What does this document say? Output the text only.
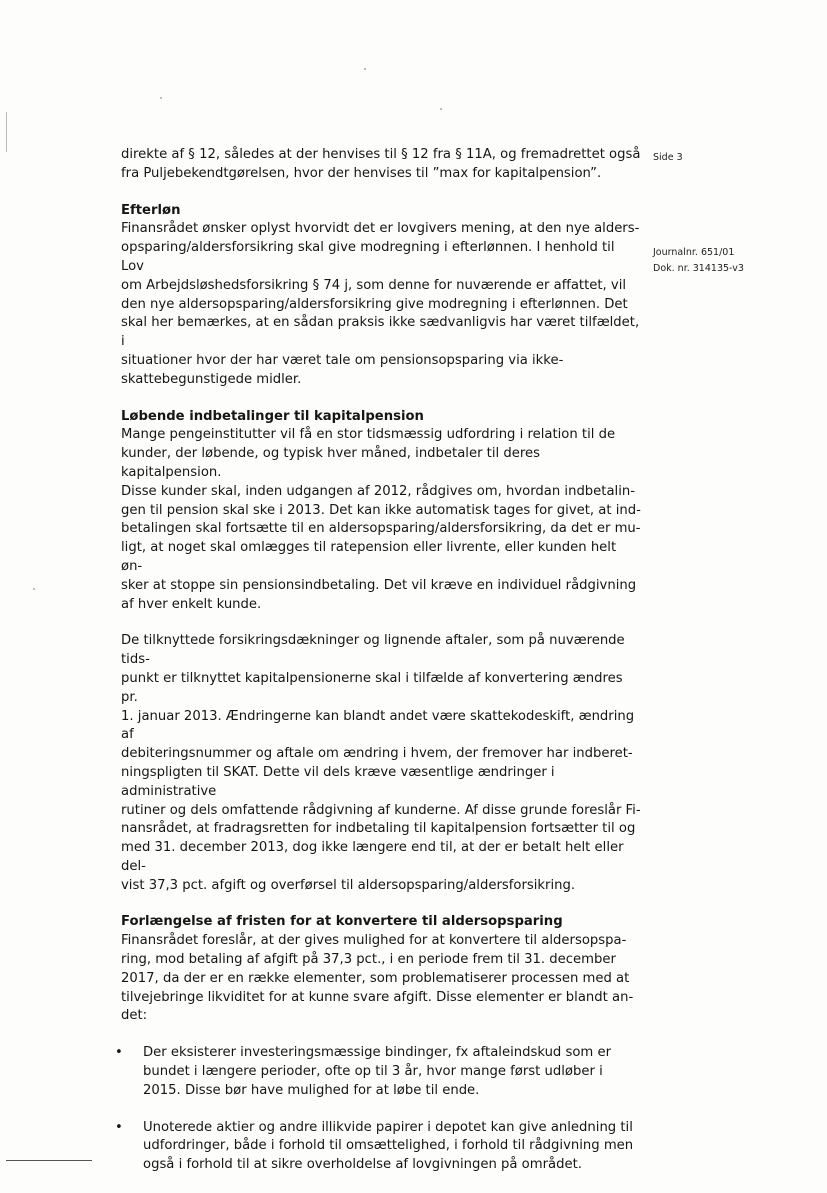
Side 3
Journalnr. 651/01
Dok. nr. 314135-v3

direkte af § 12, således at der henvises til § 12 fra § 11A, og fremadrettet også

fra Puljebekendtgørelsen, hvor der henvises til ”max for kapitalpension”.

Efterløn

Finansrådet ønsker oplyst hvorvidt det er lovgivers mening, at den nye alders-

opsparing/aldersforsikring skal give modregning i efterlønnen. I henhold til Lov

om Arbejdsløshedsforsikring § 74 j, som denne for nuværende er affattet, vil

den nye aldersopsparing/aldersforsikring give modregning i efterlønnen. Det

skal her bemærkes, at en sådan praksis ikke sædvanligvis har været tilfældet, i

situationer hvor der har været tale om pensionsopsparing via ikke-

skattebegunstigede midler.

Løbende indbetalinger til kapitalpension

Mange pengeinstitutter vil få en stor tidsmæssig udfordring i relation til de

kunder, der løbende, og typisk hver måned, indbetaler til deres kapitalpension.

Disse kunder skal, inden udgangen af 2012, rådgives om, hvordan indbetalin-

gen til pension skal ske i 2013. Det kan ikke automatisk tages for givet, at ind-

betalingen skal fortsætte til en aldersopsparing/aldersforsikring, da det er mu-

ligt, at noget skal omlægges til ratepension eller livrente, eller kunden helt øn-

sker at stoppe sin pensionsindbetaling. Det vil kræve en individuel rådgivning

af hver enkelt kunde.

De tilknyttede forsikringsdækninger og lignende aftaler, som på nuværende tids-

punkt er tilknyttet kapitalpensionerne skal i tilfælde af konvertering ændres pr.

1. januar 2013. Ændringerne kan blandt andet være skattekodeskift, ændring af

debiteringsnummer og aftale om ændring i hvem, der fremover har indberet-

ningspligten til SKAT. Dette vil dels kræve væsentlige ændringer i administrative

rutiner og dels omfattende rådgivning af kunderne. Af disse grunde foreslår Fi-

nansrådet, at fradragsretten for indbetaling til kapitalpension fortsætter til og

med 31. december 2013, dog ikke længere end til, at der er betalt helt eller del-

vist 37,3 pct. afgift og overførsel til aldersopsparing/aldersforsikring.

Forlængelse af fristen for at konvertere til aldersopsparing

Finansrådet foreslår, at der gives mulighed for at konvertere til aldersopspa-

ring, mod betaling af afgift på 37,3 pct., i en periode frem til 31. december

2017, da der er en række elementer, som problematiserer processen med at

tilvejebringe likviditet for at kunne svare afgift. Disse elementer er blandt an-

det:

• Der eksisterer investeringsmæssige bindinger, fx aftaleindskud som er

bundet i længere perioder, ofte op til 3 år, hvor mange først udløber i

2015. Disse bør have mulighed for at løbe til ende.

• Unoterede aktier og andre illikvide papirer i depotet kan give anledning til

udfordringer, både i forhold til omsættelighed, i forhold til rådgivning men

også i forhold til at sikre overholdelse af lovgivningen på området.
